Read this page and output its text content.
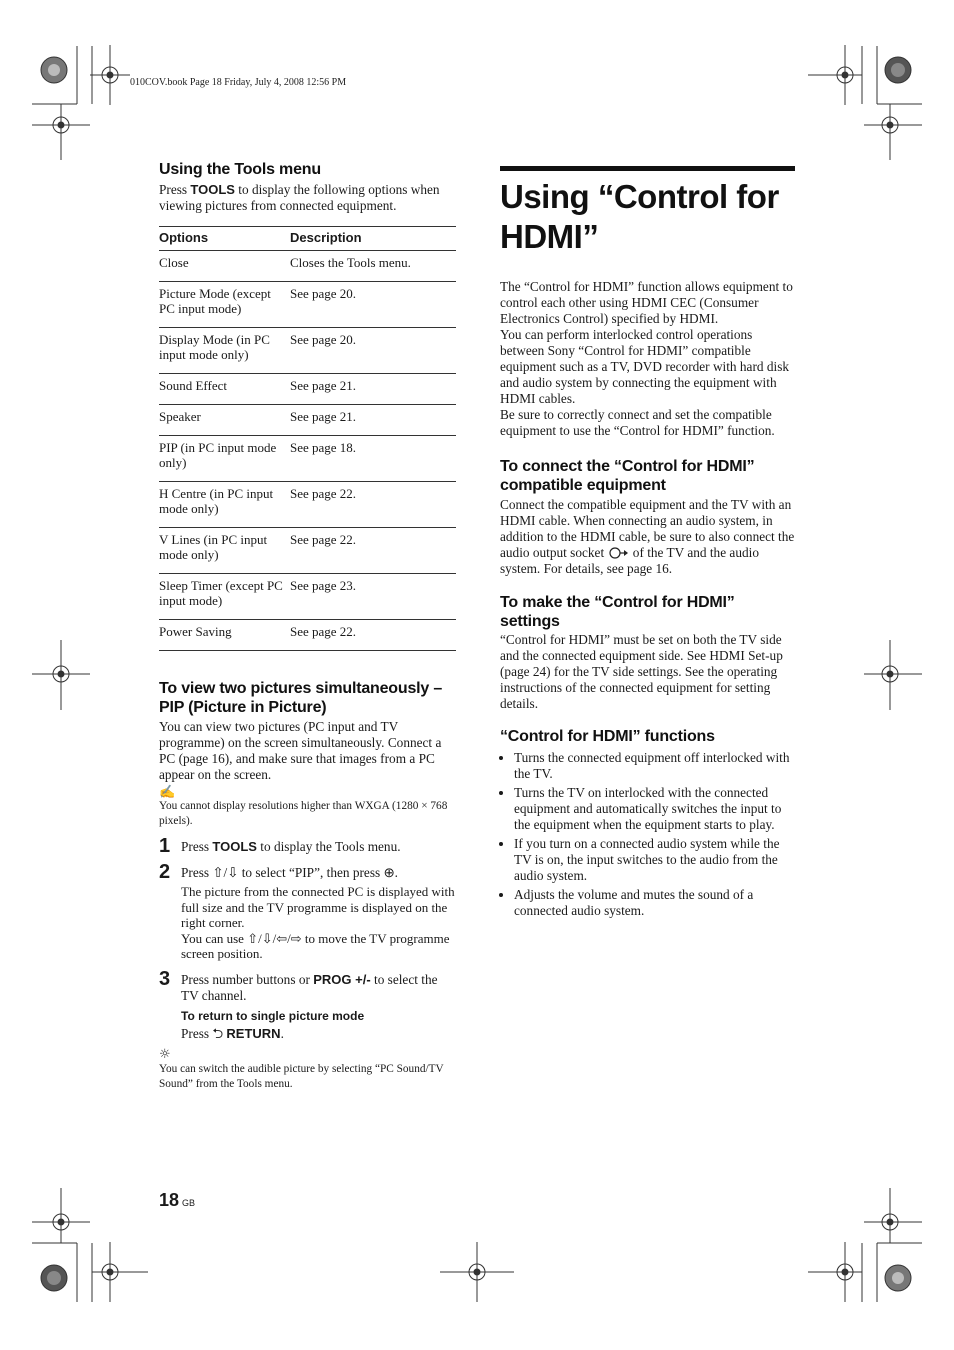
010COV.book Page 18 Friday, July 4, 2008 12:56 PM
Using the Tools menu
Press TOOLS to display the following options when viewing pictures from connected equipment.
Options	Description
Close	Closes the Tools menu.
Picture Mode (except PC input mode)	See page 20.
Display Mode (in PC input mode only)	See page 20.
Sound Effect	See page 21.
Speaker	See page 21.
PIP (in PC input mode only)	See page 18.
H Centre (in PC input mode only)	See page 22.
V Lines (in PC input mode only)	See page 22.
Sleep Timer (except PC input mode)	See page 23.
Power Saving	See page 22.
To view two pictures simultaneously – PIP (Picture in Picture)
You can view two pictures (PC input and TV programme) on the screen simultaneously. Connect a PC (page 16), and make sure that images from a PC appear on the screen.
✍
You cannot display resolutions higher than WXGA (1280 × 768 pixels).
1 Press TOOLS to display the Tools menu.
2 Press ⇧/⇩ to select “PIP”, then press ⊕.
The picture from the connected PC is displayed with full size and the TV programme is displayed on the right corner.
You can use ⇧/⇩/⇦/⇨ to move the TV programme screen position.
3 Press number buttons or PROG +/- to select the TV channel.
To return to single picture mode
Press ⮌ RETURN.
☼
You can switch the audible picture by selecting “PC Sound/TV Sound” from the Tools menu.
Using “Control for HDMI”
The “Control for HDMI” function allows equipment to control each other using HDMI CEC (Consumer Electronics Control) specified by HDMI.
You can perform interlocked control operations between Sony “Control for HDMI” compatible equipment such as a TV, DVD recorder with hard disk and audio system by connecting the equipment with HDMI cables.
Be sure to correctly connect and set the compatible equipment to use the “Control for HDMI” function.
To connect the “Control for HDMI” compatible equipment
Connect the compatible equipment and the TV with an HDMI cable. When connecting an audio system, in addition to the HDMI cable, be sure to also connect the audio output socket  of the TV and the audio system. For details, see page 16.
To make the “Control for HDMI” settings
“Control for HDMI” must be set on both the TV side and the connected equipment side. See HDMI Set-up (page 24) for the TV side settings. See the operating instructions of the connected equipment for setting details.
“Control for HDMI” functions
• Turns the connected equipment off interlocked with the TV.
• Turns the TV on interlocked with the connected equipment and automatically switches the input to the equipment when the equipment starts to play.
• If you turn on a connected audio system while the TV is on, the input switches to the audio from the audio system.
• Adjusts the volume and mutes the sound of a connected audio system.
18 GB
